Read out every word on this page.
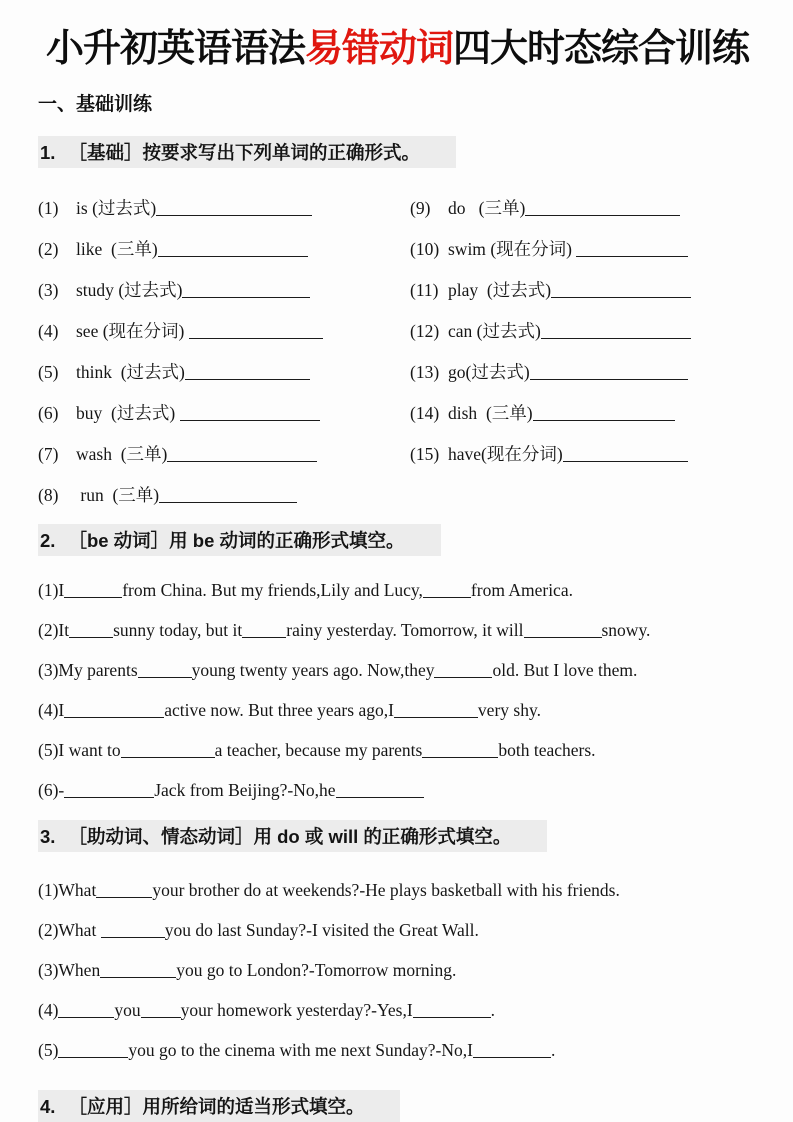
小升初英语语法易错动词四大时态综合训练
一、基础训练
1. ［基础］按要求写出下列单词的正确形式。
(1) is (过去式)
(2) like  (三单)
(3) study (过去式)
(4) see (现在分词)
(5) think  (过去式)
(6) buy  (过去式)
(7) wash  (三单)
(8) run  (三单)
(9) do   (三单)
(10) swim (现在分词)
(11) play  (过去式)
(12) can (过去式)
(13) go(过去式)
(14) dish  (三单)
(15) have(现在分词)
2. ［be 动词］用 be 动词的正确形式填空。
(1)I	from China. But my friends,Lily and Lucy,	from America.
(2)It	sunny today, but it	rainy yesterday. Tomorrow, it will	snowy.
(3)My parents	young twenty years ago. Now,they	old. But I love them.
(4)I	active now. But three years ago,I	very shy.
(5)I want to	a teacher, because my parents	both teachers.
(6)-	Jack from Beijing?-No,he
3. ［助动词、情态动词］用 do 或 will 的正确形式填空。
(1)What	your brother do at weekends?-He plays basketball with his friends.
(2)What	you do last Sunday?-I visited the Great Wall.
(3)When	you go to London?-Tomorrow morning.
(4)	you your homework yesterday?-Yes,I	.
(5)	you go to the cinema with me next Sunday?-No,I	.
4. ［应用］用所给词的适当形式填空。
